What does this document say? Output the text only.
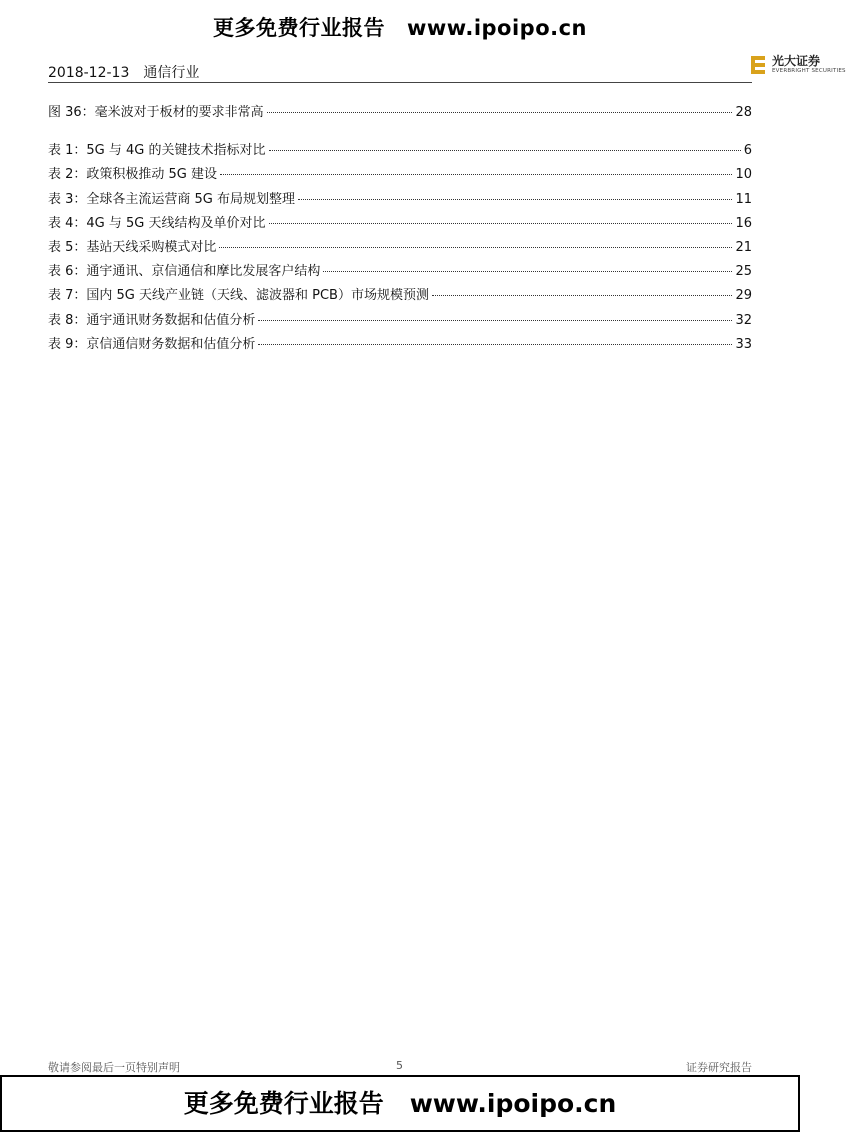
更多免费行业报告 www.ipoipo.cn
2018-12-13 通信行业
光大证券
EVERBRIGHT SECURITIES
图 36：毫米波对于板材的要求非常高	28
表 1：5G 与 4G 的关键技术指标对比	6
表 2：政策积极推动 5G 建设	10
表 3：全球各主流运营商 5G 布局规划整理	11
表 4：4G 与 5G 天线结构及单价对比	16
表 5：基站天线采购模式对比	21
表 6：通宇通讯、京信通信和摩比发展客户结构	25
表 7：国内 5G 天线产业链（天线、滤波器和 PCB）市场规模预测	29
表 8：通宇通讯财务数据和估值分析	32
表 9：京信通信财务数据和估值分析	33
敬请参阅最后一页特别声明	5	证券研究报告
更多免费行业报告 www.ipoipo.cn
